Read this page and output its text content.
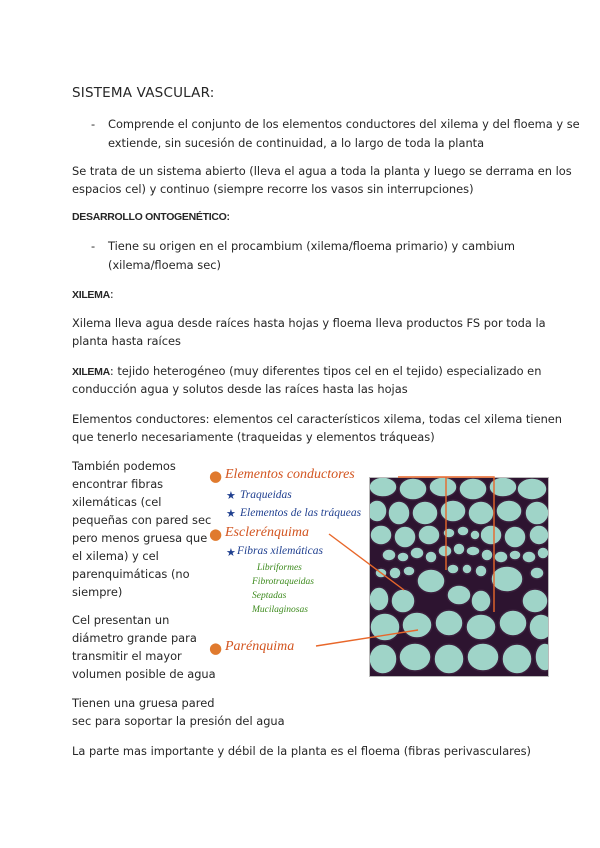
SISTEMA VASCULAR:
- Comprende el conjunto de los elementos conductores del xilema y del floema y se
extiende, sin sucesión de continuidad, a lo largo de toda la planta
Se trata de un sistema abierto (lleva el agua a toda la planta y luego se derrama en los
espacios cel) y continuo (siempre recorre los vasos sin interrupciones)
DESARROLLO ONTOGENÉTICO:
- Tiene su origen en el procambium (xilema/floema primario) y cambium
(xilema/floema sec)
XILEMA:
Xilema lleva agua desde raíces hasta hojas y floema lleva productos FS por toda la
planta hasta raíces
XILEMA: tejido heterogéneo (muy diferentes tipos cel en el tejido) especializado en
conducción agua y solutos desde las raíces hasta las hojas
Elementos conductores: elementos cel característicos xilema, todas cel xilema tienen
que tenerlo necesariamente (traqueidas y elementos tráqueas)
También podemos
encontrar fibras
xilemáticas (cel
pequeñas con pared sec
pero menos gruesa que
el xilema) y cel
parenquimáticas (no
siempre)
Cel presentan un
diámetro grande para
transmitir el mayor
volumen posible de agua
Tienen una gruesa pared
sec para soportar la presión del agua
La parte mas importante y débil de la planta es el floema (fibras perivasculares)
● Elementos conductores
★ Traqueidas
★ Elementos de las tráqueas
● Esclerénquima
★ Fibras xilemáticas
Libriformes
Fibrotraqueidas
Septadas
Mucilaginosas
● Parénquima
